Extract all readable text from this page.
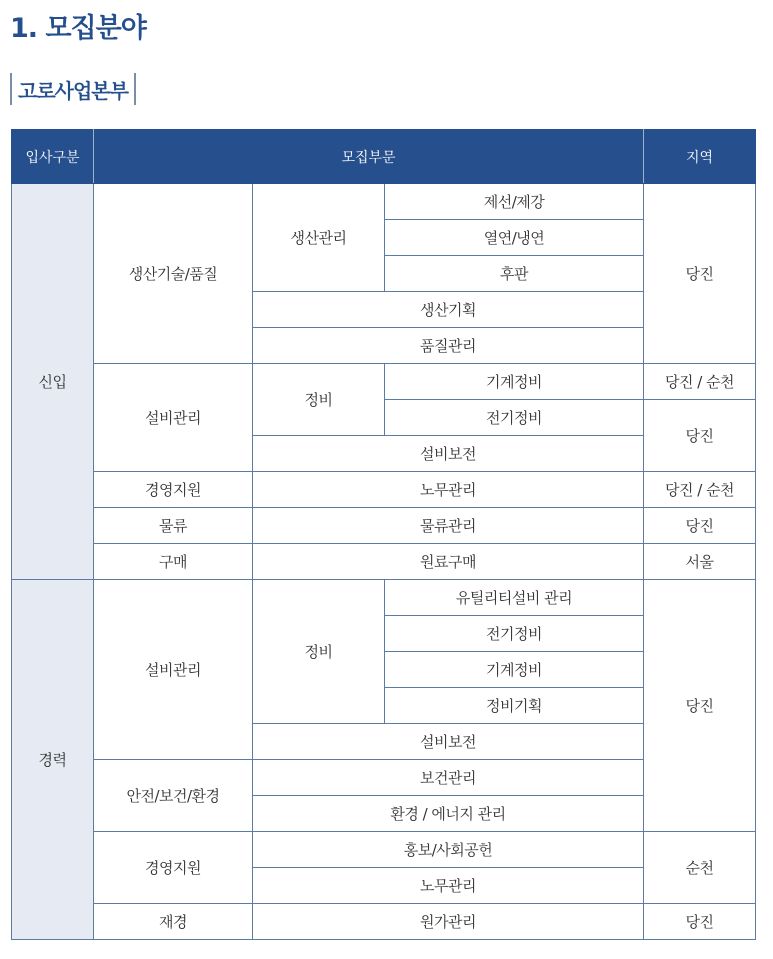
1. 모집분야
고로사업본부
입사구분	모집부문			지역
신입	생산기술/품질	생산관리	제선/제강	당진
			열연/냉연	
			후판	
		생산기획		
		품질관리		
	설비관리	정비	기계정비	당진 / 순천
			전기정비	당진
		설비보전		
	경영지원	노무관리		당진 / 순천
	물류	물류관리		당진
	구매	원료구매		서울
경력	설비관리	정비	유틸리티설비 관리	당진
			전기정비	
			기계정비	
			정비기획	
		설비보전		
	안전/보건/환경	보건관리		
		환경 / 에너지 관리		
	경영지원	홍보/사회공헌		순천
		노무관리		
	재경	원가관리		당진
